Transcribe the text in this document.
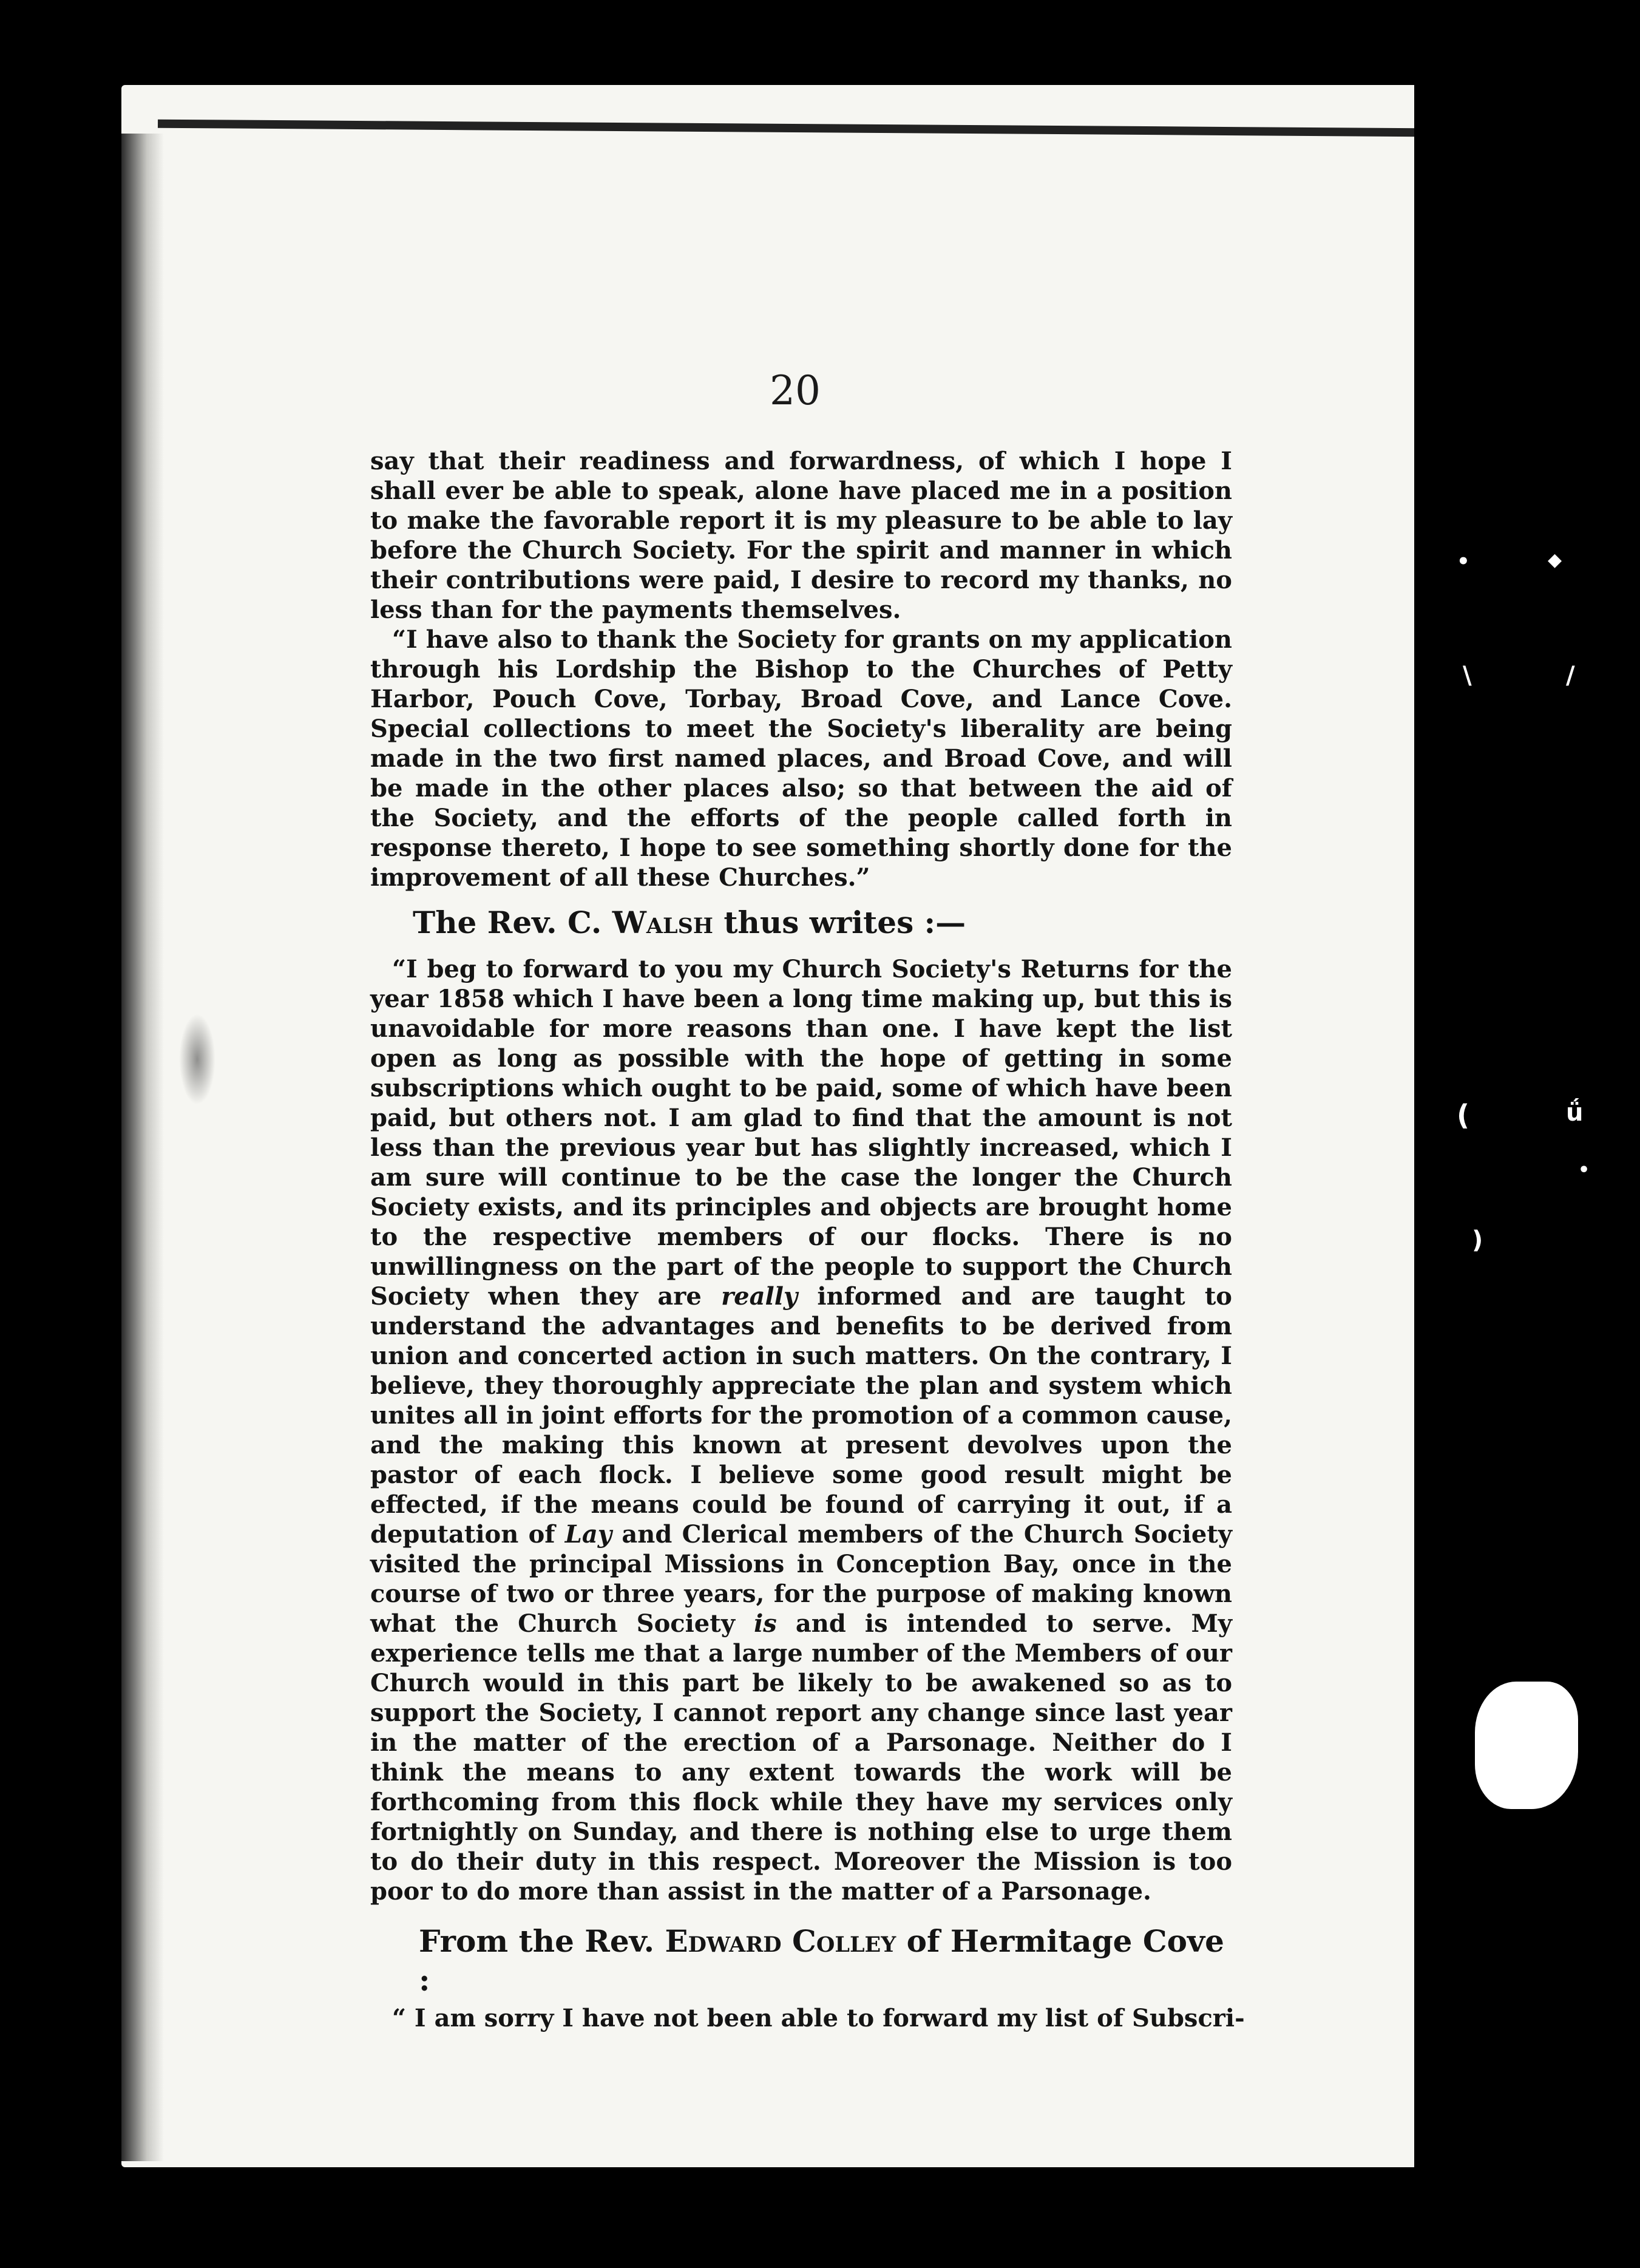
•	◆
\	/
(	ǘ
•
)
20

say that their readiness and forwardness, of which I hope I shall ever be able to speak, alone have placed me in a position to make the favorable report it is my pleasure to be able to lay before the Church Society. For the spirit and manner in which their contributions were paid, I desire to record my thanks, no less than for the payments themselves.

“I have also to thank the Society for grants on my application through his Lordship the Bishop to the Churches of Petty Harbor, Pouch Cove, Torbay, Broad Cove, and Lance Cove. Special collections to meet the Society's liberality are being made in the two first named places, and Broad Cove, and will be made in the other places also; so that between the aid of the Society, and the efforts of the people called forth in response thereto, I hope to see something shortly done for the improvement of all these Churches.”

The Rev. C. Walsh thus writes :—

“I beg to forward to you my Church Society's Returns for the year 1858 which I have been a long time making up, but this is unavoidable for more reasons than one. I have kept the list open as long as possible with the hope of getting in some subscriptions which ought to be paid, some of which have been paid, but others not. I am glad to find that the amount is not less than the previous year but has slightly increased, which I am sure will continue to be the case the longer the Church Society exists, and its principles and objects are brought home to the respective members of our flocks. There is no unwillingness on the part of the people to support the Church Society when they are really informed and are taught to understand the advantages and benefits to be derived from union and concerted action in such matters. On the contrary, I believe, they thoroughly appreciate the plan and system which unites all in joint efforts for the promotion of a common cause, and the making this known at present devolves upon the pastor of each flock. I believe some good result might be effected, if the means could be found of carrying it out, if a deputation of Lay and Clerical members of the Church Society visited the principal Missions in Conception Bay, once in the course of two or three years, for the purpose of making known what the Church Society is and is intended to serve. My experience tells me that a large number of the Members of our Church would in this part be likely to be awakened so as to support the Society, I cannot report any change since last year in the matter of the erection of a Parsonage. Neither do I think the means to any extent towards the work will be forthcoming from this flock while they have my services only fortnightly on Sunday, and there is nothing else to urge them to do their duty in this respect. Moreover the Mission is too poor to do more than assist in the matter of a Parsonage.

From the Rev. Edward Colley of Hermitage Cove :

“ I am sorry I have not been able to forward my list of Subscri-
